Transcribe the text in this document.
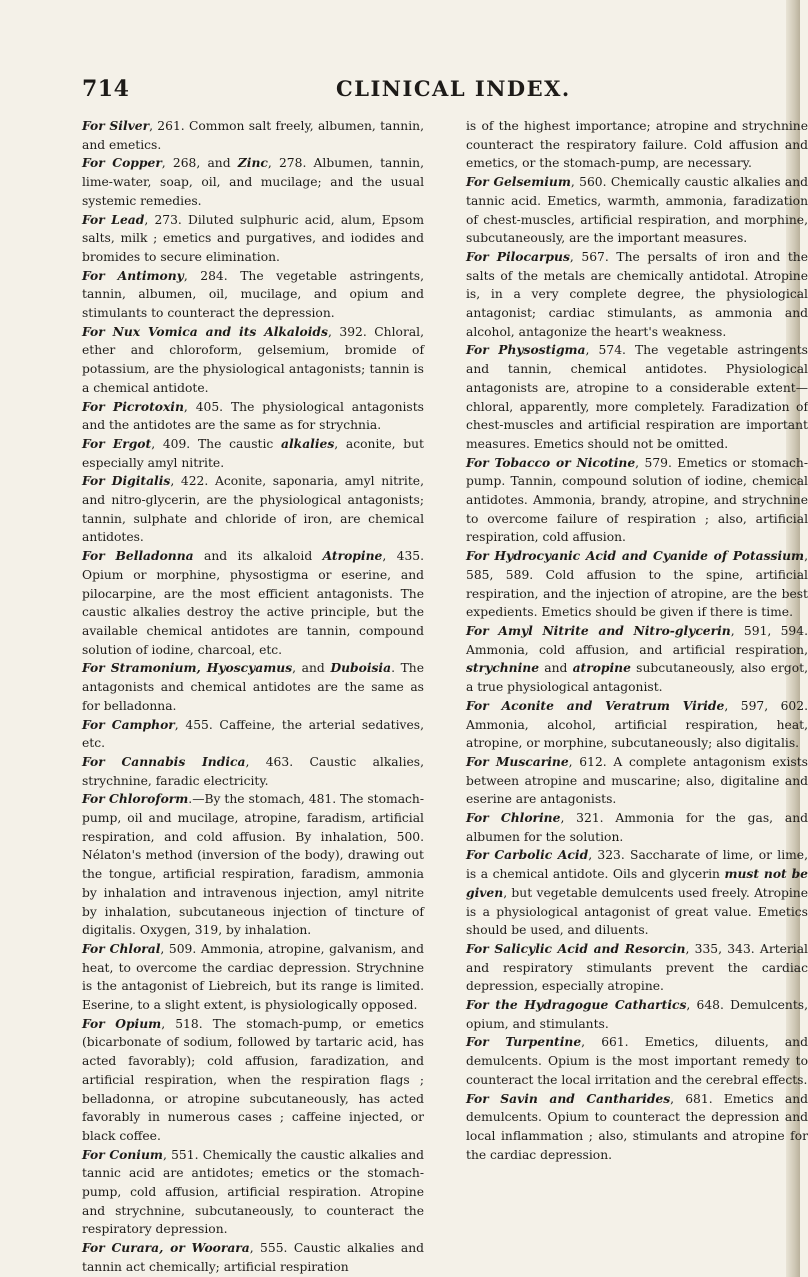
714	CLINICAL INDEX.

For Silver, 261. Common salt freely, albumen, tannin, and emetics.

For Copper, 268, and Zinc, 278. Albumen, tannin, lime-water, soap, oil, and mucilage; and the usual systemic remedies.

For Lead, 273. Diluted sulphuric acid, alum, Epsom salts, milk ; emetics and purgatives, and iodides and bromides to secure elimination.

For Antimony, 284. The vegetable astringents, tannin, albumen, oil, mucilage, and opium and stimulants to counteract the depression.

For Nux Vomica and its Alkaloids, 392. Chloral, ether and chloroform, gelsemium, bromide of potassium, are the physiological antagonists; tannin is a chemical antidote.

For Picrotoxin, 405. The physiological antagonists and the antidotes are the same as for strychnia.

For Ergot, 409. The caustic alkalies, aconite, but especially amyl nitrite.

For Digitalis, 422. Aconite, saponaria, amyl nitrite, and nitro-glycerin, are the physiological antagonists; tannin, sulphate and chloride of iron, are chemical antidotes.

For Belladonna and its alkaloid Atropine, 435. Opium or morphine, physostigma or eserine, and pilocarpine, are the most efficient antagonists. The caustic alkalies destroy the active principle, but the available chemical antidotes are tannin, compound solution of iodine, charcoal, etc.

For Stramonium, Hyoscyamus, and Duboisia. The antagonists and chemical antidotes are the same as for belladonna.

For Camphor, 455. Caffeine, the arterial sedatives, etc.

For Cannabis Indica, 463. Caustic alkalies, strychnine, faradic electricity.

For Chloroform.—By the stomach, 481. The stomach-pump, oil and mucilage, atropine, faradism, artificial respiration, and cold affusion. By inhalation, 500. Nélaton's method (inversion of the body), drawing out the tongue, artificial respiration, faradism, ammonia by inhalation and intravenous injection, amyl nitrite by inhalation, subcutaneous injection of tincture of digitalis. Oxygen, 319, by inhalation.

For Chloral, 509. Ammonia, atropine, galvanism, and heat, to overcome the cardiac depression. Strychnine is the antagonist of Liebreich, but its range is limited. Eserine, to a slight extent, is physiologically opposed.

For Opium, 518. The stomach-pump, or emetics (bicarbonate of sodium, followed by tartaric acid, has acted favorably); cold affusion, faradization, and artificial respiration, when the respiration flags ; belladonna, or atropine subcutaneously, has acted favorably in numerous cases ; caffeine injected, or black coffee.

For Conium, 551. Chemically the caustic alkalies and tannic acid are antidotes; emetics or the stomach-pump, cold affusion, artificial respiration. Atropine and strychnine, subcutaneously, to counteract the respiratory depression.

For Curara, or Woorara, 555. Caustic alkalies and tannin act chemically; artificial respiration

is of the highest importance; atropine and strychnine counteract the respiratory failure. Cold affusion and emetics, or the stomach-pump, are necessary.

For Gelsemium, 560. Chemically caustic alkalies and tannic acid. Emetics, warmth, ammonia, faradization of chest-muscles, artificial respiration, and morphine, subcutaneously, are the important measures.

For Pilocarpus, 567. The persalts of iron and the salts of the metals are chemically antidotal. Atropine is, in a very complete degree, the physiological antagonist; cardiac stimulants, as ammonia and alcohol, antagonize the heart's weakness.

For Physostigma, 574. The vegetable astringents and tannin, chemical antidotes. Physiological antagonists are, atropine to a considerable extent—chloral, apparently, more completely. Faradization of chest-muscles and artificial respiration are important measures. Emetics should not be omitted.

For Tobacco or Nicotine, 579. Emetics or stomach-pump. Tannin, compound solution of iodine, chemical antidotes. Ammonia, brandy, atropine, and strychnine to overcome failure of respiration ; also, artificial respiration, cold affusion.

For Hydrocyanic Acid and Cyanide of Potassium, 585, 589. Cold affusion to the spine, artificial respiration, and the injection of atropine, are the best expedients. Emetics should be given if there is time.

For Amyl Nitrite and Nitro-glycerin, 591, 594. Ammonia, cold affusion, and artificial respiration, strychnine and atropine subcutaneously, also ergot, a true physiological antagonist.

For Aconite and Veratrum Viride, 597, 602. Ammonia, alcohol, artificial respiration, heat, atropine, or morphine, subcutaneously; also digitalis.

For Muscarine, 612. A complete antagonism exists between atropine and muscarine; also, digitaline and eserine are antagonists.

For Chlorine, 321. Ammonia for the gas, and albumen for the solution.

For Carbolic Acid, 323. Saccharate of lime, or lime, is a chemical antidote. Oils and glycerin must not be given, but vegetable demulcents used freely. Atropine is a physiological antagonist of great value. Emetics should be used, and diluents.

For Salicylic Acid and Resorcin, 335, 343. Arterial and respiratory stimulants prevent the cardiac depression, especially atropine.

For the Hydragogue Cathartics, 648. Demulcents, opium, and stimulants.

For Turpentine, 661. Emetics, diluents, and demulcents. Opium is the most important remedy to counteract the local irritation and the cerebral effects.

For Savin and Cantharides, 681. Emetics and demulcents. Opium to counteract the depression and local inflammation ; also, stimulants and atropine for the cardiac depression.
